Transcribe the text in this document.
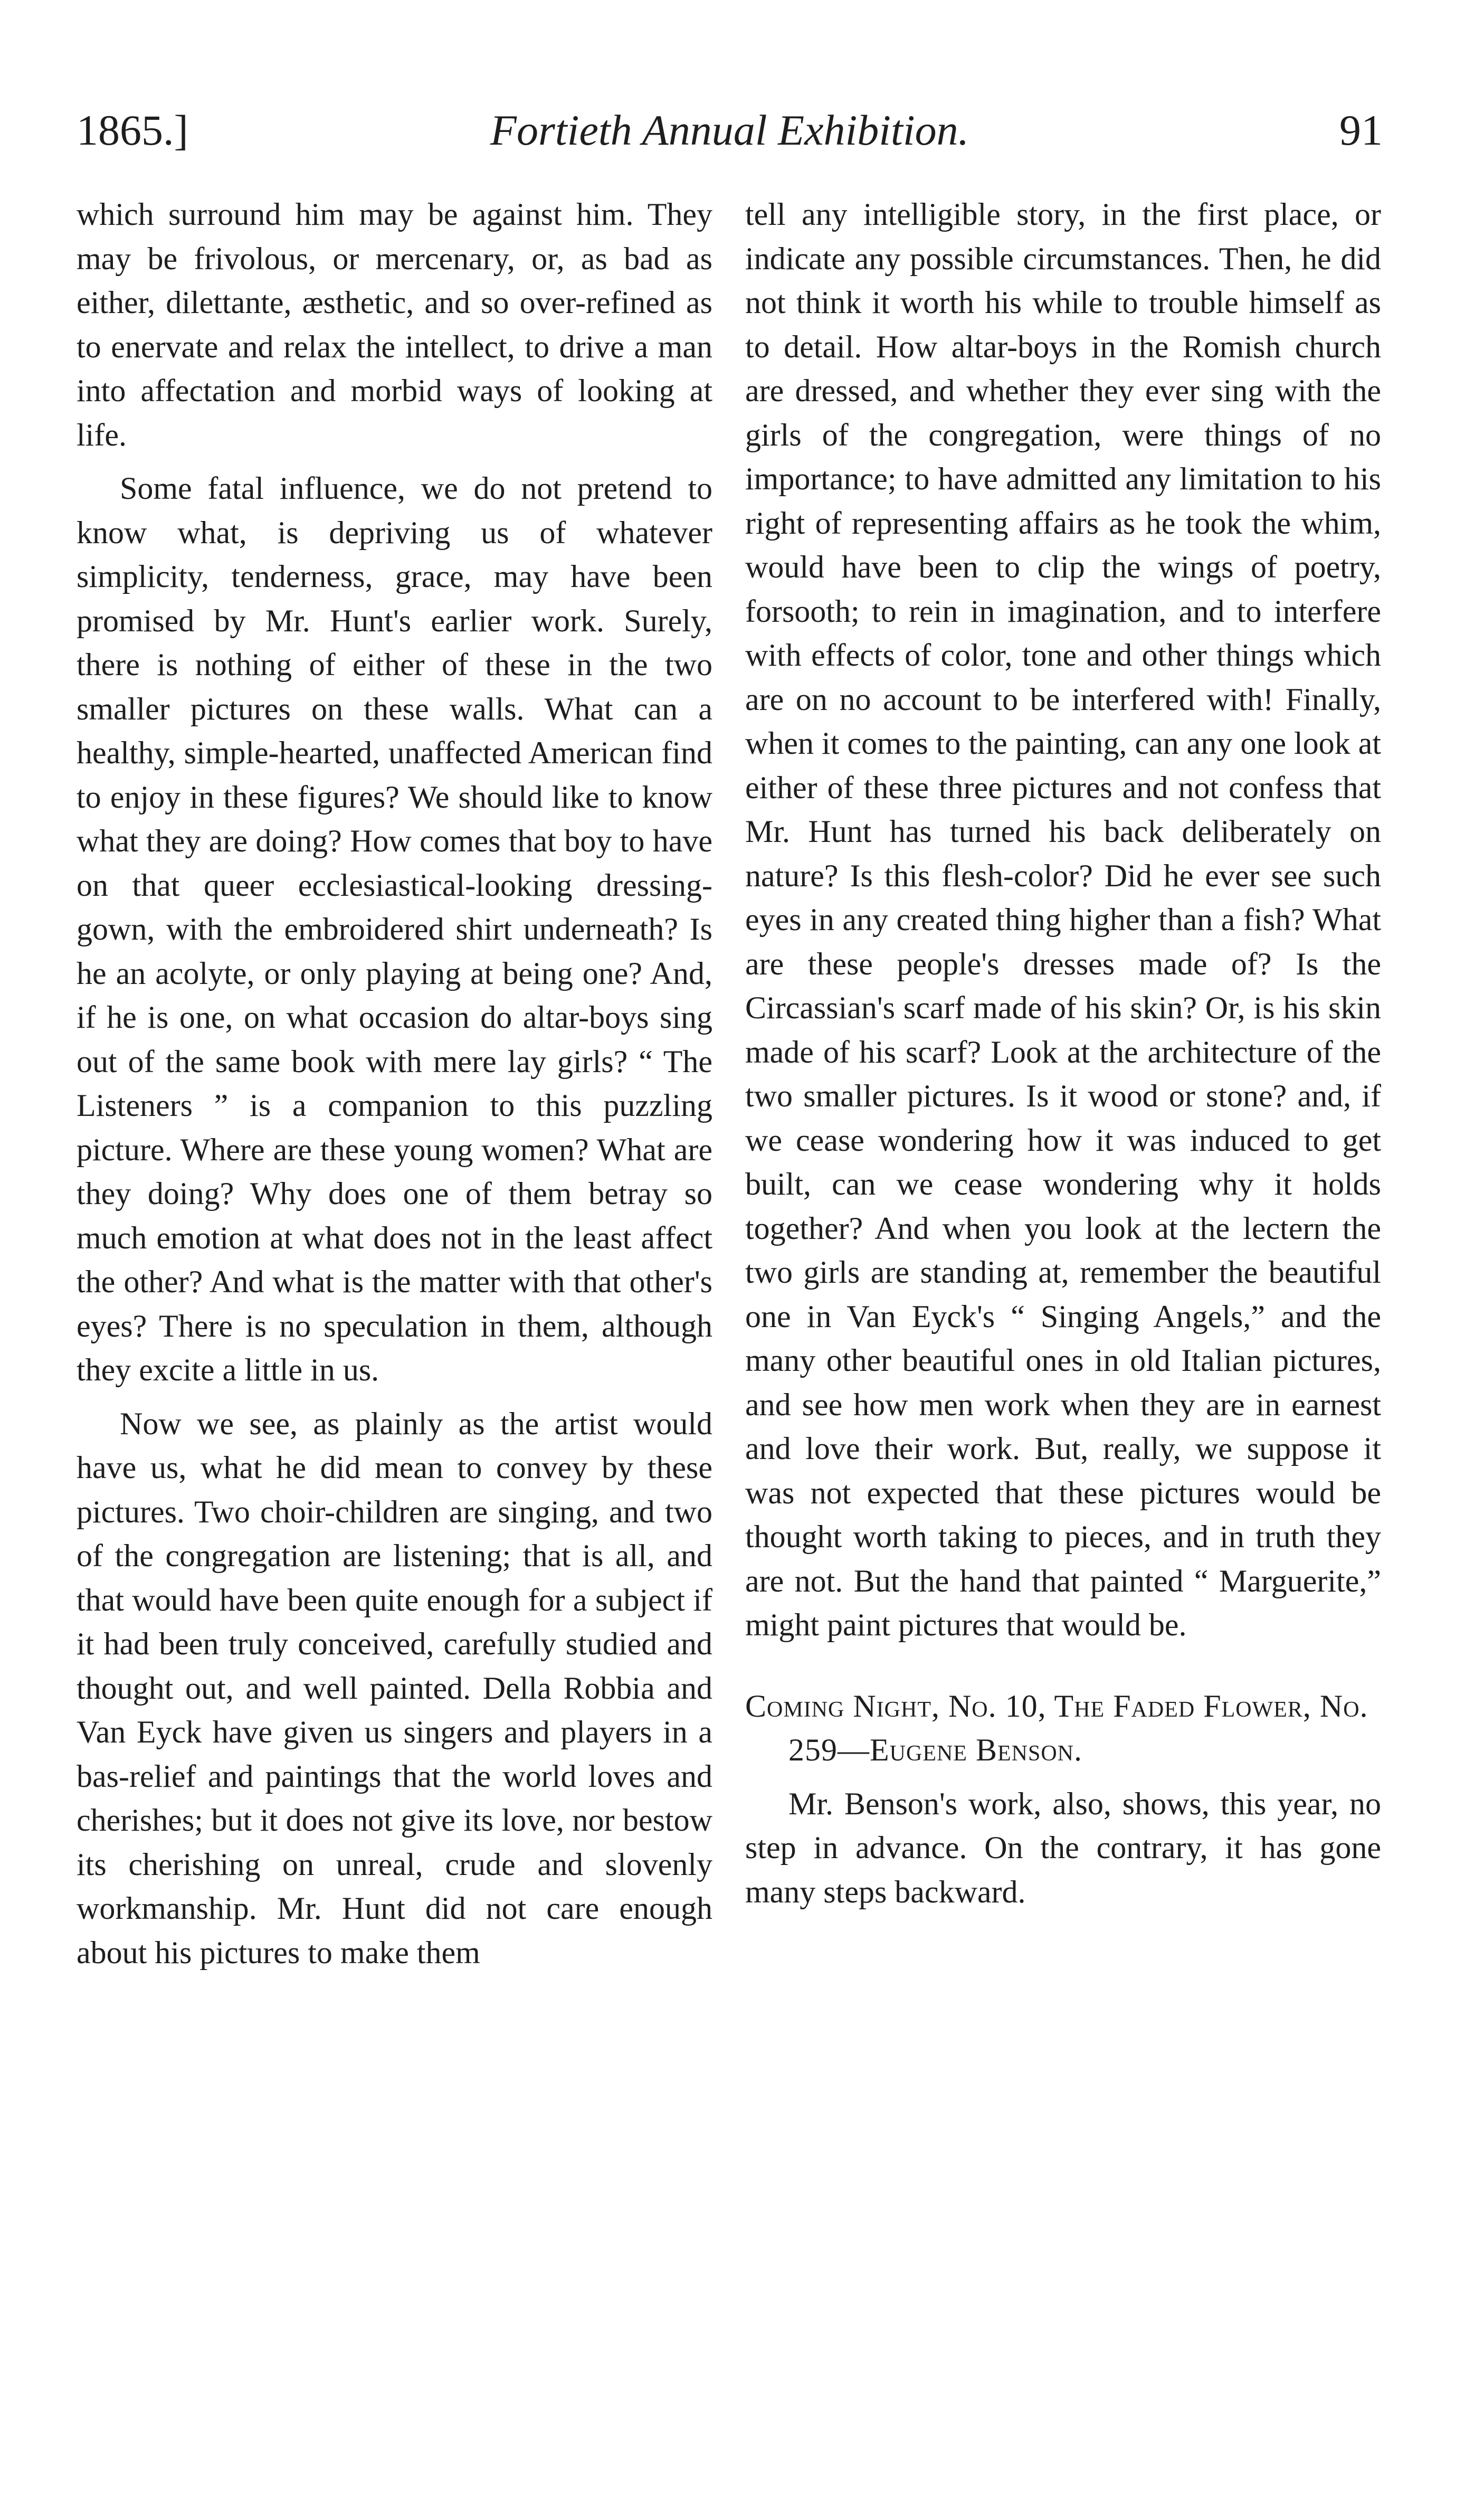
1865.]	Fortieth Annual Exhibition.	91

which surround him may be against him. They may be frivolous, or mercenary, or, as bad as either, dilettante, æsthetic, and so over-refined as to enervate and relax the intellect, to drive a man into affectation and morbid ways of looking at life.

Some fatal influence, we do not pretend to know what, is depriving us of whatever simplicity, tenderness, grace, may have been promised by Mr. Hunt's earlier work. Surely, there is nothing of either of these in the two smaller pictures on these walls. What can a healthy, simple-hearted, unaffected American find to enjoy in these figures? We should like to know what they are doing? How comes that boy to have on that queer ecclesiastical-looking dressing-gown, with the embroidered shirt underneath? Is he an acolyte, or only playing at being one? And, if he is one, on what occasion do altar-boys sing out of the same book with mere lay girls? “ The Listeners ” is a companion to this puzzling picture. Where are these young women? What are they doing? Why does one of them betray so much emotion at what does not in the least affect the other? And what is the matter with that other's eyes? There is no speculation in them, although they excite a little in us.

Now we see, as plainly as the artist would have us, what he did mean to convey by these pictures. Two choir-children are singing, and two of the congregation are listening; that is all, and that would have been quite enough for a subject if it had been truly conceived, carefully studied and thought out, and well painted. Della Robbia and Van Eyck have given us singers and players in a bas-relief and paintings that the world loves and cherishes; but it does not give its love, nor bestow its cherishing on unreal, crude and slovenly workmanship. Mr. Hunt did not care enough about his pictures to make them

tell any intelligible story, in the first place, or indicate any possible circumstances. Then, he did not think it worth his while to trouble himself as to detail. How altar-boys in the Romish church are dressed, and whether they ever sing with the girls of the congregation, were things of no importance; to have admitted any limitation to his right of representing affairs as he took the whim, would have been to clip the wings of poetry, forsooth; to rein in imagination, and to interfere with effects of color, tone and other things which are on no account to be interfered with! Finally, when it comes to the painting, can any one look at either of these three pictures and not confess that Mr. Hunt has turned his back deliberately on nature? Is this flesh-color? Did he ever see such eyes in any created thing higher than a fish? What are these people's dresses made of? Is the Circassian's scarf made of his skin? Or, is his skin made of his scarf? Look at the architecture of the two smaller pictures. Is it wood or stone? and, if we cease wondering how it was induced to get built, can we cease wondering why it holds together? And when you look at the lectern the two girls are standing at, remember the beautiful one in Van Eyck's “ Singing Angels,” and the many other beautiful ones in old Italian pictures, and see how men work when they are in earnest and love their work. But, really, we suppose it was not expected that these pictures would be thought worth taking to pieces, and in truth they are not. But the hand that painted “ Marguerite,” might paint pictures that would be.

Coming Night, No. 10, The Faded Flower, No. 259—Eugene Benson.

Mr. Benson's work, also, shows, this year, no step in advance. On the contrary, it has gone many steps backward.
